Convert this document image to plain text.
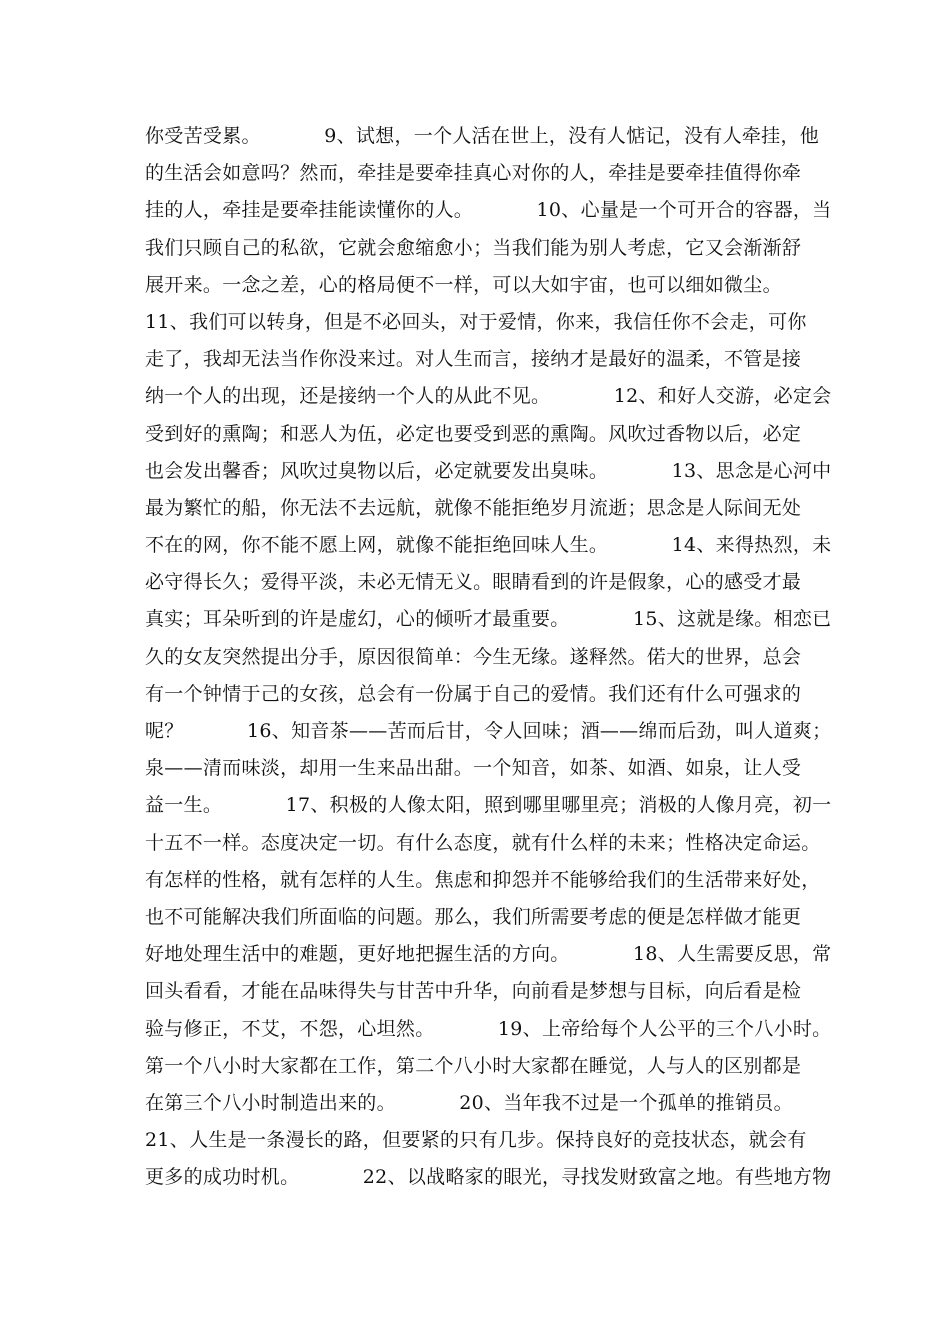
你受苦受累。          9、试想，一个人活在世上，没有人惦记，没有人牵挂，他
的生活会如意吗？然而，牵挂是要牵挂真心对你的人，牵挂是要牵挂值得你牵
挂的人，牵挂是要牵挂能读懂你的人。          10、心量是一个可开合的容器，当
我们只顾自己的私欲，它就会愈缩愈小；当我们能为别人考虑，它又会渐渐舒
展开来。一念之差，心的格局便不一样，可以大如宇宙，也可以细如微尘。
11、我们可以转身，但是不必回头，对于爱情，你来，我信任你不会走，可你
走了，我却无法当作你没来过。对人生而言，接纳才是最好的温柔，不管是接
纳一个人的出现，还是接纳一个人的从此不见。          12、和好人交游，必定会
受到好的熏陶；和恶人为伍，必定也要受到恶的熏陶。风吹过香物以后，必定
也会发出馨香；风吹过臭物以后，必定就要发出臭味。          13、思念是心河中
最为繁忙的船，你无法不去远航，就像不能拒绝岁月流逝；思念是人际间无处
不在的网，你不能不愿上网，就像不能拒绝回味人生。          14、来得热烈，未
必守得长久；爱得平淡，未必无情无义。眼睛看到的许是假象，心的感受才最
真实；耳朵听到的许是虚幻，心的倾听才最重要。          15、这就是缘。相恋已
久的女友突然提出分手，原因很简单：今生无缘。遂释然。偌大的世界，总会
有一个钟情于己的女孩，总会有一份属于自己的爱情。我们还有什么可强求的
呢？          16、知音茶——苦而后甘，令人回味；酒——绵而后劲，叫人道爽；
泉——清而味淡，却用一生来品出甜。一个知音，如茶、如酒、如泉，让人受
益一生。          17、积极的人像太阳，照到哪里哪里亮；消极的人像月亮，初一
十五不一样。态度决定一切。有什么态度，就有什么样的未来；性格决定命运。
有怎样的性格，就有怎样的人生。焦虑和抑怨并不能够给我们的生活带来好处，
也不可能解决我们所面临的问题。那么，我们所需要考虑的便是怎样做才能更
好地处理生活中的难题，更好地把握生活的方向。          18、人生需要反思，常
回头看看，才能在品味得失与甘苦中升华，向前看是梦想与目标，向后看是检
验与修正，不艾，不怨，心坦然。          19、上帝给每个人公平的三个八小时。
第一个八小时大家都在工作，第二个八小时大家都在睡觉，人与人的区别都是
在第三个八小时制造出来的。          20、当年我不过是一个孤单的推销员。
21、人生是一条漫长的路，但要紧的只有几步。保持良好的竞技状态，就会有
更多的成功时机。          22、以战略家的眼光，寻找发财致富之地。有些地方物
